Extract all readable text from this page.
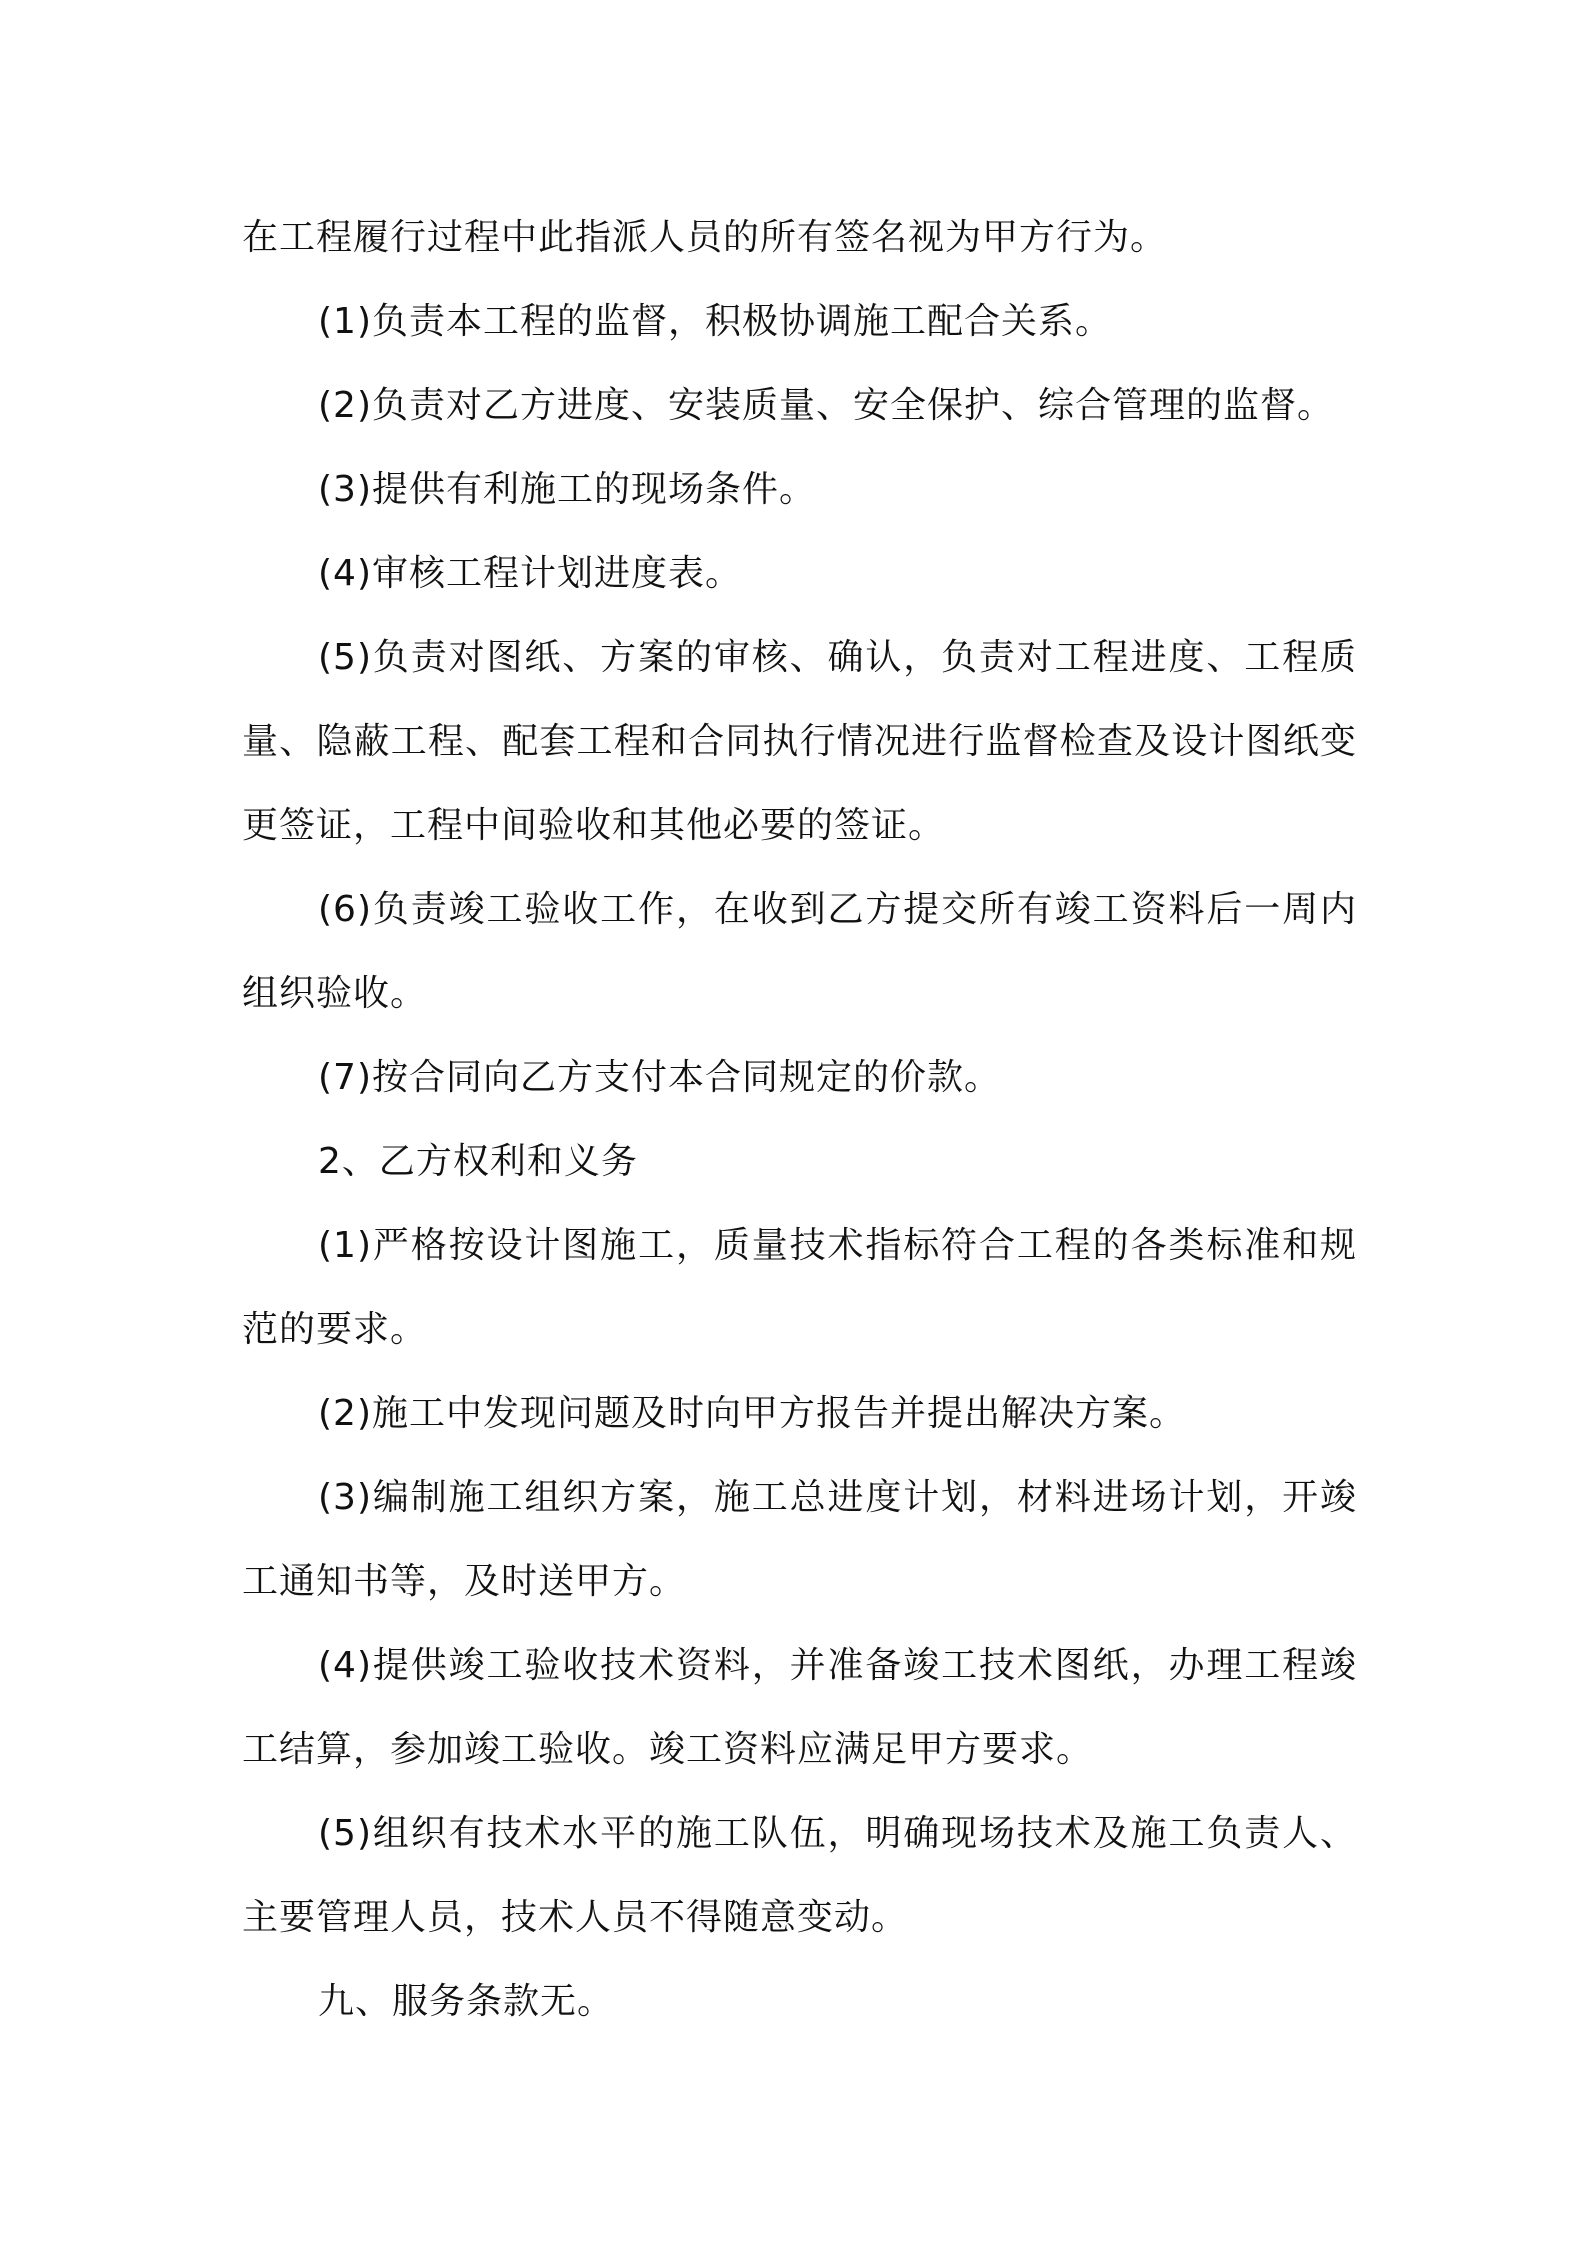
在工程履行过程中此指派人员的所有签名视为甲方行为。

(1)负责本工程的监督，积极协调施工配合关系。

(2)负责对乙方进度、安装质量、安全保护、综合管理的监督。

(3)提供有利施工的现场条件。

(4)审核工程计划进度表。

(5)负责对图纸、方案的审核、确认，负责对工程进度、工程质量、隐蔽工程、配套工程和合同执行情况进行监督检查及设计图纸变更签证，工程中间验收和其他必要的签证。

(6)负责竣工验收工作，在收到乙方提交所有竣工资料后一周内组织验收。

(7)按合同向乙方支付本合同规定的价款。

2、乙方权利和义务

(1)严格按设计图施工，质量技术指标符合工程的各类标准和规范的要求。

(2)施工中发现问题及时向甲方报告并提出解决方案。

(3)编制施工组织方案，施工总进度计划，材料进场计划，开竣工通知书等，及时送甲方。

(4)提供竣工验收技术资料，并准备竣工技术图纸，办理工程竣工结算，参加竣工验收。竣工资料应满足甲方要求。

(5)组织有技术水平的施工队伍，明确现场技术及施工负责人、主要管理人员，技术人员不得随意变动。

九、服务条款无。
